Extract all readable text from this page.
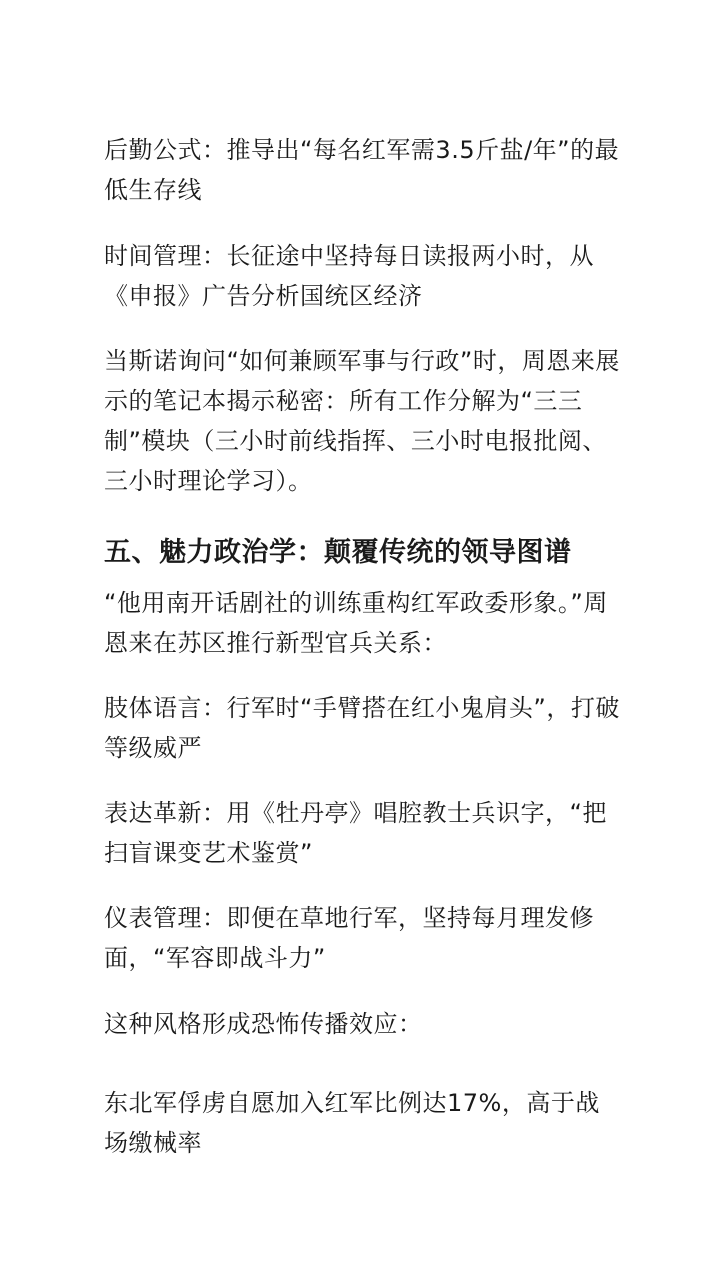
后勤公式：推导出“每名红军需3.5斤盐/年”的最低生存线

时间管理：长征途中坚持每日读报两小时，从《申报》广告分析国统区经济

当斯诺询问“如何兼顾军事与行政”时，周恩来展示的笔记本揭示秘密：所有工作分解为“三三制”模块（三小时前线指挥、三小时电报批阅、三小时理论学习）。

五、魅力政治学：颠覆传统的领导图谱

“他用南开话剧社的训练重构红军政委形象。”周恩来在苏区推行新型官兵关系：

肢体语言：行军时“手臂搭在红小鬼肩头”，打破等级威严

表达革新：用《牡丹亭》唱腔教士兵识字，“把扫盲课变艺术鉴赏”

仪表管理：即便在草地行军，坚持每月理发修面，“军容即战斗力”

这种风格形成恐怖传播效应：

东北军俘虏自愿加入红军比例达17%，高于战场缴械率
